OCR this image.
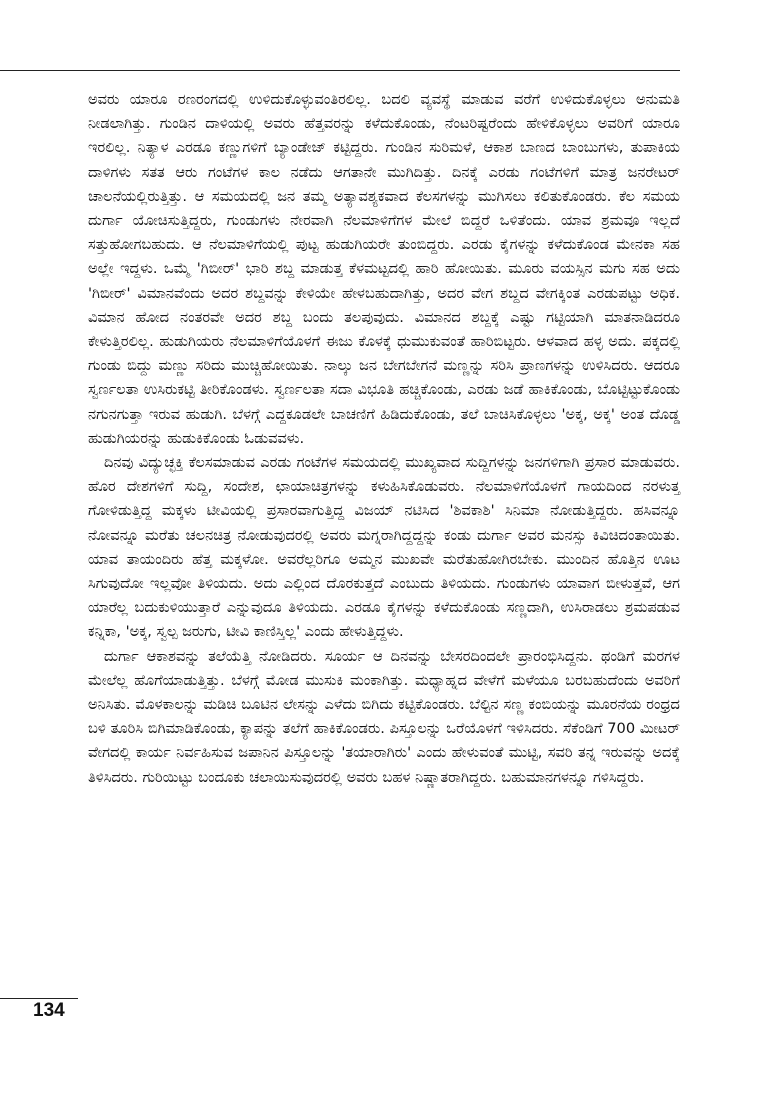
ಅವರು ಯಾರೂ ರಣರಂಗದಲ್ಲಿ ಉಳಿದುಕೊಳ್ಳುವಂತಿರಲಿಲ್ಲ. ಬದಲಿ ವ್ಯವಸ್ಥೆ ಮಾಡುವ ವರೆಗೆ ಉಳಿದುಕೊಳ್ಳಲು ಅನುಮತಿ ನೀಡಲಾಗಿತ್ತು. ಗುಂಡಿನ ದಾಳಿಯಲ್ಲಿ ಅವರು ಹೆತ್ತವರನ್ನು ಕಳೆದುಕೊಂಡು, ನೆಂಟರಿಷ್ಟರೆಂದು ಹೇಳಿಕೊಳ್ಳಲು ಅವರಿಗೆ ಯಾರೂ ಇರಲಿಲ್ಲ. ನಿತ್ಯಾಳ ಎರಡೂ ಕಣ್ಣುಗಳಿಗೆ ಬ್ಯಾಂಡೇಜ್ ಕಟ್ಟಿದ್ದರು. ಗುಂಡಿನ ಸುರಿಮಳೆ, ಆಕಾಶ ಬಾಣದ ಬಾಂಬುಗಳು, ತುಪಾಕಿಯ ದಾಳಿಗಳು ಸತತ ಆರು ಗಂಟೆಗಳ ಕಾಲ ನಡೆದು ಆಗತಾನೇ ಮುಗಿದಿತ್ತು. ದಿನಕ್ಕೆ ಎರಡು ಗಂಟೆಗಳಿಗೆ ಮಾತ್ರ ಜನರೇಟರ್ ಚಾಲನೆಯಲ್ಲಿರುತ್ತಿತ್ತು. ಆ ಸಮಯದಲ್ಲಿ ಜನ ತಮ್ಮ ಅತ್ಯಾವಶ್ಯಕವಾದ ಕೆಲಸಗಳನ್ನು ಮುಗಿಸಲು ಕಲಿತುಕೊಂಡರು. ಕೆಲ ಸಮಯ ದುರ್ಗಾ ಯೋಚಿಸುತ್ತಿದ್ದರು, ಗುಂಡುಗಳು ನೇರವಾಗಿ ನೆಲಮಾಳಿಗೆಗಳ ಮೇಲೆ ಬಿದ್ದರೆ ಒಳಿತೆಂದು. ಯಾವ ಶ್ರಮವೂ ಇಲ್ಲದೆ ಸತ್ತುಹೋಗಬಹುದು. ಆ ನೆಲಮಾಳಿಗೆಯಲ್ಲಿ ಪುಟ್ಟ ಹುಡುಗಿಯರೇ ತುಂಬಿದ್ದರು. ಎರಡು ಕೈಗಳನ್ನು ಕಳೆದುಕೊಂಡ ಮೇನಕಾ ಸಹ ಅಲ್ಲೇ ಇದ್ದಳು. ಒಮ್ಮೆ 'ಗಿಬೀರ್' ಭಾರಿ ಶಬ್ದ ಮಾಡುತ್ತ ಕೆಳಮಟ್ಟದಲ್ಲಿ ಹಾರಿ ಹೋಯಿತು. ಮೂರು ವಯಸ್ಸಿನ ಮಗು ಸಹ ಅದು 'ಗಿಬೀರ್' ವಿಮಾನವೆಂದು ಅದರ ಶಬ್ದವನ್ನು ಕೇಳಿಯೇ ಹೇಳಬಹುದಾಗಿತ್ತು, ಅದರ ವೇಗ ಶಬ್ದದ ವೇಗಕ್ಕಿಂತ ಎರಡುಪಟ್ಟು ಅಧಿಕ. ವಿಮಾನ ಹೋದ ನಂತರವೇ ಅದರ ಶಬ್ದ ಬಂದು ತಲಪುವುದು. ವಿಮಾನದ ಶಬ್ದಕ್ಕೆ ಎಷ್ಟು ಗಟ್ಟಿಯಾಗಿ ಮಾತನಾಡಿದರೂ ಕೇಳುತ್ತಿರಲಿಲ್ಲ. ಹುಡುಗಿಯರು ನೆಲಮಾಳಿಗೆಯೊಳಗೆ ಈಜು ಕೊಳಕ್ಕೆ ಧುಮುಕುವಂತೆ ಹಾರಿಬಿಟ್ಟರು. ಆಳವಾದ ಹಳ್ಳ ಅದು. ಪಕ್ಕದಲ್ಲಿ ಗುಂಡು ಬಿದ್ದು ಮಣ್ಣು ಸರಿದು ಮುಚ್ಚಿಹೋಯಿತು. ನಾಲ್ಕು ಜನ ಬೇಗಬೇಗನೆ ಮಣ್ಣನ್ನು ಸರಿಸಿ ಪ್ರಾಣಗಳನ್ನು ಉಳಿಸಿದರು. ಆದರೂ ಸ್ವರ್ಣಲತಾ ಉಸಿರುಕಟ್ಟಿ ತೀರಿಕೊಂಡಳು. ಸ್ವರ್ಣಲತಾ ಸದಾ ವಿಭೂತಿ ಹಚ್ಚಿಕೊಂಡು, ಎರಡು ಜಡೆ ಹಾಕಿಕೊಂಡು, ಬೊಟ್ಟಿಟ್ಟುಕೊಂಡು ನಗುನಗುತ್ತಾ ಇರುವ ಹುಡುಗಿ. ಬೆಳಗ್ಗೆ ಎದ್ದಕೂಡಲೇ ಬಾಚಣಿಗೆ ಹಿಡಿದುಕೊಂಡು, ತಲೆ ಬಾಚಿಸಿಕೊಳ್ಳಲು 'ಅಕ್ಕ, ಅಕ್ಕ' ಅಂತ ದೊಡ್ಡ ಹುಡುಗಿಯರನ್ನು ಹುಡುಕಿಕೊಂಡು ಓಡುವವಳು.

ದಿನವು ವಿದ್ಯುಚ್ಛಕ್ತಿ ಕೆಲಸಮಾಡುವ ಎರಡು ಗಂಟೆಗಳ ಸಮಯದಲ್ಲಿ ಮುಖ್ಯವಾದ ಸುದ್ದಿಗಳನ್ನು ಜನಗಳಿಗಾಗಿ ಪ್ರಸಾರ ಮಾಡುವರು. ಹೊರ ದೇಶಗಳಿಗೆ ಸುದ್ದಿ, ಸಂದೇಶ, ಛಾಯಾಚಿತ್ರಗಳನ್ನು ಕಳುಹಿಸಿಕೊಡುವರು. ನೆಲಮಾಳಿಗೆಯೊಳಗೆ ಗಾಯದಿಂದ ನರಳುತ್ತ ಗೋಳಿಡುತ್ತಿದ್ದ ಮಕ್ಕಳು ಟೀವಿಯಲ್ಲಿ ಪ್ರಸಾರವಾಗುತ್ತಿದ್ದ ವಿಜಯ್ ನಟಿಸಿದ 'ಶಿವಕಾಶಿ' ಸಿನಿಮಾ ನೋಡುತ್ತಿದ್ದರು. ಹಸಿವನ್ನೂ ನೋವನ್ನೂ ಮರೆತು ಚಲನಚಿತ್ರ ನೋಡುವುದರಲ್ಲಿ ಅವರು ಮಗ್ನರಾಗಿದ್ದದ್ದನ್ನು ಕಂಡು ದುರ್ಗಾ ಅವರ ಮನಸ್ಸು ಕಿವಿಚಿದಂತಾಯಿತು. ಯಾವ ತಾಯಂದಿರು ಹೆತ್ತ ಮಕ್ಕಳೋ. ಅವರೆಲ್ಲರಿಗೂ ಅಮ್ಮನ ಮುಖವೇ ಮರೆತುಹೋಗಿರಬೇಕು. ಮುಂದಿನ ಹೊತ್ತಿನ ಊಟ ಸಿಗುವುದೋ ಇಲ್ಲವೋ ತಿಳಿಯದು. ಅದು ಎಲ್ಲಿಂದ ದೊರಕುತ್ತದೆ ಎಂಬುದು ತಿಳಿಯದು. ಗುಂಡುಗಳು ಯಾವಾಗ ಬೀಳುತ್ತವೆ, ಆಗ ಯಾರೆಲ್ಲ ಬದುಕುಳಿಯುತ್ತಾರೆ ಎನ್ನುವುದೂ ತಿಳಿಯದು. ಎರಡೂ ಕೈಗಳನ್ನು ಕಳೆದುಕೊಂಡು ಸಣ್ಣದಾಗಿ, ಉಸಿರಾಡಲು ಶ್ರಮಪಡುವ ಕನ್ನಿಕಾ, 'ಅಕ್ಕ, ಸ್ವಲ್ಪ ಜರುಗು, ಟೀವಿ ಕಾಣಿಸ್ತಿಲ್ಲ' ಎಂದು ಹೇಳುತ್ತಿದ್ದಳು.

ದುರ್ಗಾ ಆಕಾಶವನ್ನು ತಲೆಯೆತ್ತಿ ನೋಡಿದರು. ಸೂರ್ಯ ಆ ದಿನವನ್ನು ಬೇಸರದಿಂದಲೇ ಪ್ರಾರಂಭಿಸಿದ್ದನು. ಥಂಡಿಗೆ ಮರಗಳ ಮೇಲೆಲ್ಲ ಹೊಗೆಯಾಡುತ್ತಿತ್ತು. ಬೆಳಗ್ಗೆ ಮೋಡ ಮುಸುಕಿ ಮಂಕಾಗಿತ್ತು. ಮಧ್ಯಾಹ್ನದ ವೇಳೆಗೆ ಮಳೆಯೂ ಬರಬಹುದೆಂದು ಅವರಿಗೆ ಅನಿಸಿತು. ಮೊಳಕಾಲನ್ನು ಮಡಿಚಿ ಬೂಟಿನ ಲೇಸನ್ನು ಎಳೆದು ಬಿಗಿದು ಕಟ್ಟಿಕೊಂಡರು. ಬೆಲ್ಟಿನ ಸಣ್ಣ ಕಂಬಿಯನ್ನು ಮೂರನೆಯ ರಂಧ್ರದ ಬಳಿ ತೂರಿಸಿ ಬಿಗಿಮಾಡಿಕೊಂಡು, ಕ್ಯಾಪನ್ನು ತಲೆಗೆ ಹಾಕಿಕೊಂಡರು. ಪಿಸ್ತೂಲನ್ನು ಒರೆಯೊಳಗೆ ಇಳಿಸಿದರು. ಸೆಕೆಂಡಿಗೆ 700 ಮೀಟರ್ ವೇಗದಲ್ಲಿ ಕಾರ್ಯ ನಿರ್ವಹಿಸುವ ಜಪಾನಿನ ಪಿಸ್ತೂಲನ್ನು 'ತಯಾರಾಗಿರು' ಎಂದು ಹೇಳುವಂತೆ ಮುಟ್ಟಿ, ಸವರಿ ತನ್ನ ಇರುವನ್ನು ಅದಕ್ಕೆ ತಿಳಿಸಿದರು. ಗುರಿಯಿಟ್ಟು ಬಂದೂಕು ಚಲಾಯಿಸುವುದರಲ್ಲಿ ಅವರು ಬಹಳ ನಿಷ್ಣಾತರಾಗಿದ್ದರು. ಬಹುಮಾನಗಳನ್ನೂ ಗಳಿಸಿದ್ದರು.

134
